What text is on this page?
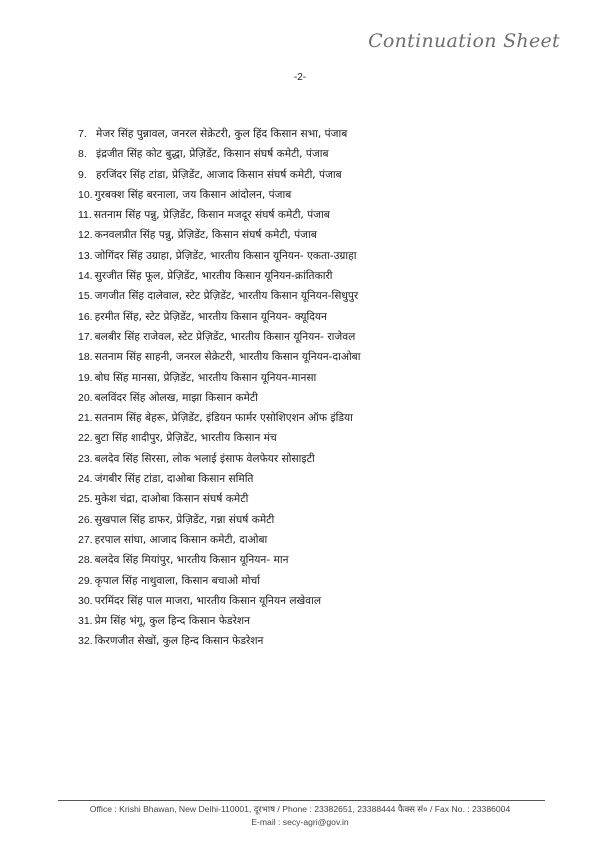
Continuation Sheet
-2-
7. मेजर सिंह पुन्नावल, जनरल सेक्रेटरी, कुल हिंद किसान सभा, पंजाब
8. इंद्रजीत सिंह कोट बुद्धा, प्रेज़िडेंट, किसान संघर्ष कमेटी, पंजाब
9. हरजिंदर सिंह टांडा, प्रेज़िडेंट, आजाद किसान संघर्ष कमेटी, पंजाब
10. गुरबक्श सिंह बरनाला, जय किसान आंदोलन, पंजाब
11. सतनाम सिंह पन्नु, प्रेज़िडेंट, किसान मजदूर संघर्ष कमेटी, पंजाब
12. कनवलप्रीत सिंह पन्नु, प्रेज़िडेंट, किसान संघर्ष कमेटी, पंजाब
13. जोगिंदर सिंह उग्राहा, प्रेज़िडेंट, भारतीय किसान यूनियन- एकता-उग्राहा
14. सुरजीत सिंह फूल, प्रेज़िडेंट, भारतीय किसान यूनियन-क्रांतिकारी
15. जगजीत सिंह दालेवाल, स्टेट प्रेज़िडेंट, भारतीय किसान यूनियन-सिधुपुर
16. हरमीत सिंह, स्टेट प्रेज़िडेंट, भारतीय किसान यूनियन- क्यूदियन
17. बलबीर सिंह राजेवल, स्टेट प्रेज़िडेंट, भारतीय किसान यूनियन- राजेवल
18. सतनाम सिंह साहनी, जनरल सेक्रेटरी, भारतीय किसान यूनियन-दाओबा
19. बोघ सिंह मानसा, प्रेज़िडेंट, भारतीय किसान यूनियन-मानसा
20. बलविंदर सिंह ओलख, माझा किसान कमेटी
21. सतनाम सिंह बेहरू, प्रेज़िडेंट, इंडियन फार्मर एसोशिएशन ऑफ इंडिया
22. बुटा सिंह शादीपुर, प्रेज़िडेंट, भारतीय किसान मंच
23. बलदेव सिंह सिरसा, लोक भलाई इंसाफ वेलफेयर सोसाइटी
24. जंगबीर सिंह टांडा, दाओबा किसान समिति
25. मुकेश चंद्रा, दाओबा किसान संघर्ष कमेटी
26. सुखपाल सिंह डाफर, प्रेज़िडेंट, गन्ना संघर्ष कमेटी
27. हरपाल सांघा, आजाद किसान कमेटी, दाओबा
28. बलदेव सिंह मियांपुर, भारतीय किसान यूनियन- मान
29. कृपाल सिंह नाथुवाला, किसान बचाओ मोर्चा
30. परमिंदर सिंह पाल माजरा, भारतीय किसान यूनियन लखेवाल
31. प्रेम सिंह भंगू, कुल हिन्द किसान फेडरेशन
32. किरणजीत सेखों, कुल हिन्द किसान फेडरेशन
Office : Krishi Bhawan, New Delhi-110001, दूरभाष / Phone : 23382651, 23388444 फैक्स सं० / Fax No. : 23386004
E-mail : secy-agri@gov.in
